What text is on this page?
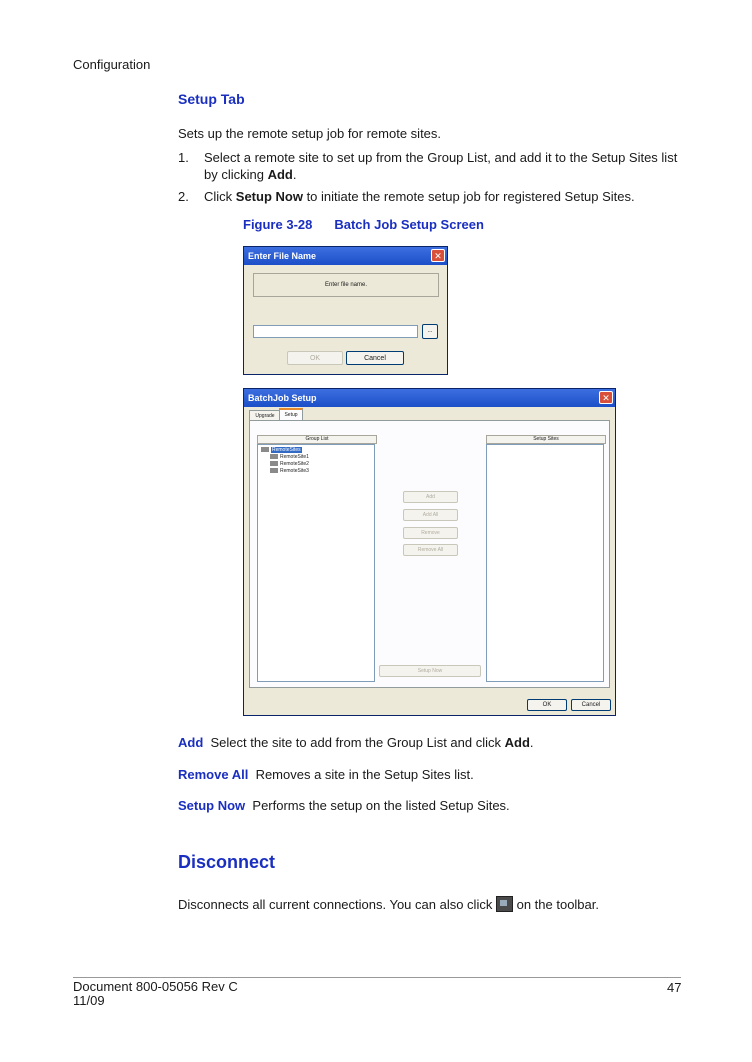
Configuration
Setup Tab
Sets up the remote setup job for remote sites.
1. Select a remote site to set up from the Group List, and add it to the Setup Sites list by clicking Add.
2. Click Setup Now to initiate the remote setup job for registered Setup Sites.
Figure 3-28 Batch Job Setup Screen
Enter File Name	✕
Enter file name.
...
OK	Cancel
BatchJob Setup	✕
Upgrade	Setup
Group List
RemoteSites
RemoteSite1
RemoteSite2
RemoteSite3
Add
Add All
Remove
Remove All
Setup Now
Setup Sites
OK	Cancel
Add Select the site to add from the Group List and click Add.
Remove All Removes a site in the Setup Sites list.
Setup Now Performs the setup on the listed Setup Sites.
Disconnect
Disconnects all current connections. You can also click on the toolbar.
Document 800-05056 Rev C
11/09
47
